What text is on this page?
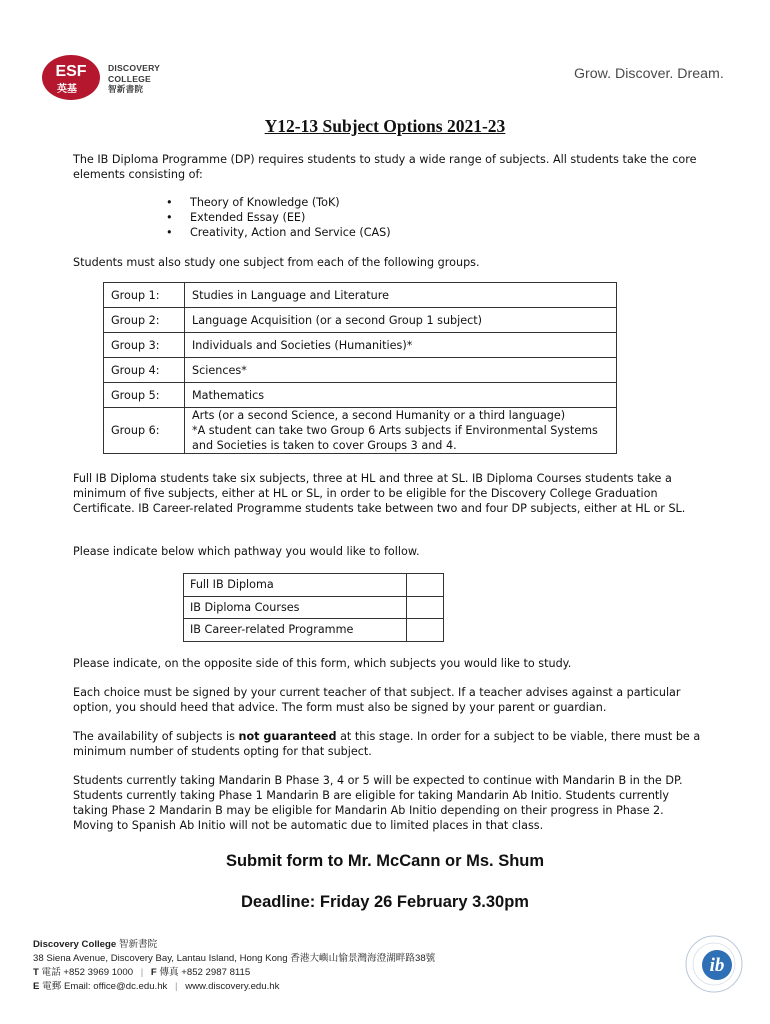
ESF
英基
DISCOVERY
COLLEGE
智新書院
Grow. Discover. Dream.
Y12-13 Subject Options 2021-23
The IB Diploma Programme (DP) requires students to study a wide range of subjects. All students take the core elements consisting of:
• Theory of Knowledge (ToK)
• Extended Essay (EE)
• Creativity, Action and Service (CAS)
Students must also study one subject from each of the following groups.
Group 1:	Studies in Language and Literature
Group 2:	Language Acquisition (or a second Group 1 subject)
Group 3:	Individuals and Societies (Humanities)*
Group 4:	Sciences*
Group 5:	Mathematics
Group 6:	Arts (or a second Science, a second Humanity or a third language)
*A student can take two Group 6 Arts subjects if Environmental Systems and Societies is taken to cover Groups 3 and 4.
Full IB Diploma students take six subjects, three at HL and three at SL. IB Diploma Courses students take a minimum of five subjects, either at HL or SL, in order to be eligible for the Discovery College Graduation Certificate. IB Career-related Programme students take between two and four DP subjects, either at HL or SL.
Please indicate below which pathway you would like to follow.
Full IB Diploma	
IB Diploma Courses	
IB Career-related Programme	
Please indicate, on the opposite side of this form, which subjects you would like to study.
Each choice must be signed by your current teacher of that subject. If a teacher advises against a particular option, you should heed that advice. The form must also be signed by your parent or guardian.
The availability of subjects is not guaranteed at this stage. In order for a subject to be viable, there must be a minimum number of students opting for that subject.
Students currently taking Mandarin B Phase 3, 4 or 5 will be expected to continue with Mandarin B in the DP. Students currently taking Phase 1 Mandarin B are eligible for taking Mandarin Ab Initio. Students currently taking Phase 2 Mandarin B may be eligible for Mandarin Ab Initio depending on their progress in Phase 2. Moving to Spanish Ab Initio will not be automatic due to limited places in that class.
Submit form to Mr. McCann or Ms. Shum
Deadline: Friday 26 February 3.30pm
Discovery College 智新書院
38 Siena Avenue, Discovery Bay, Lantau Island, Hong Kong 香港大嶼山愉景灣海澄湖畔路38號
T 電話 +852 3969 1000 | F 傳真 +852 2987 8115
E 電郵 Email: office@dc.edu.hk | www.discovery.edu.hk
ib
